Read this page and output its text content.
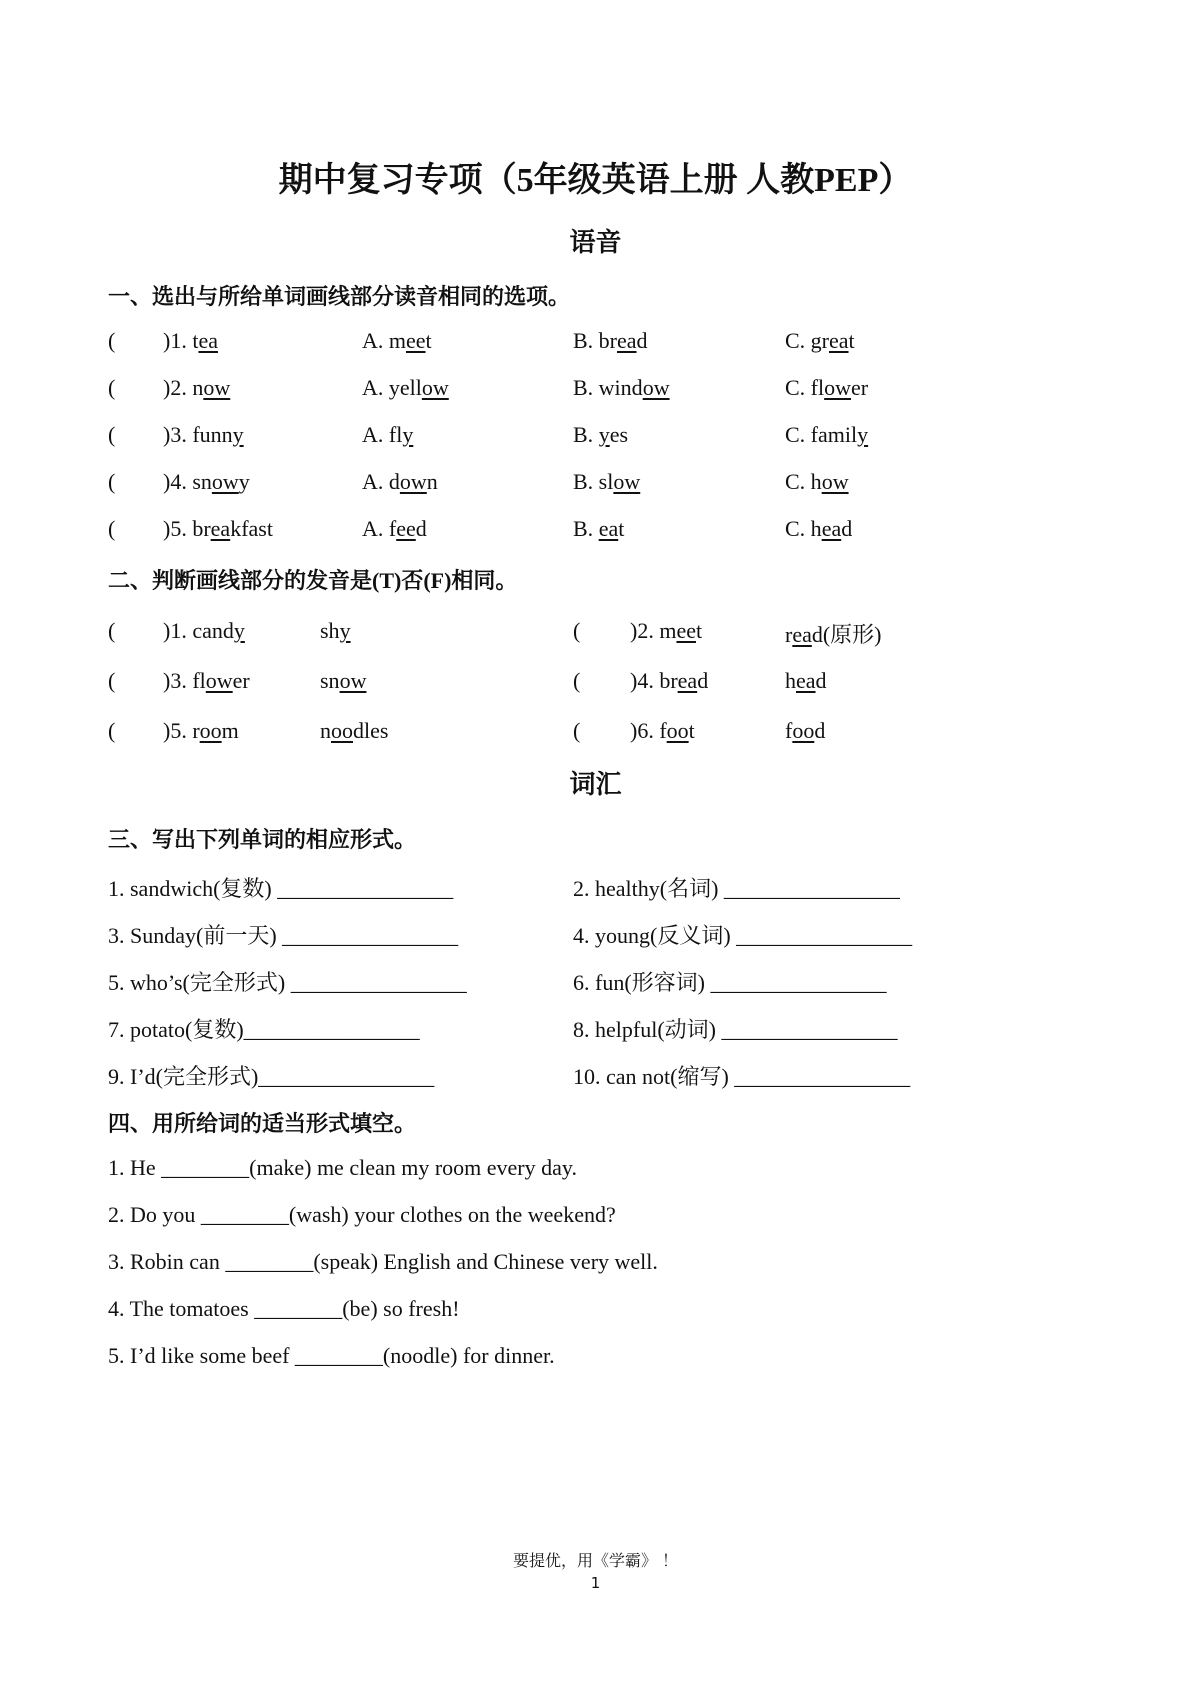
期中复习专项（5年级英语上册 人教PEP）
语音
一、选出与所给单词画线部分读音相同的选项。
( )1. tea	A. meet	B. bread	C. great
( )2. now	A. yellow	B. window	C. flower
( )3. funny	A. fly	B. yes	C. family
( )4. snowy	A. down	B. slow	C. how
( )5. breakfast	A. feed	B. eat	C. head
二、判断画线部分的发音是(T)否(F)相同。
( )1. candy	shy	( )2. meet	read(原形)
( )3. flower	snow	( )4. bread	head
( )5. room	noodles	( )6. foot	food
词汇
三、写出下列单词的相应形式。
1. sandwich(复数) ________________	2. healthy(名词) ________________
3. Sunday(前一天) ________________	4. young(反义词) ________________
5. who’s(完全形式) ________________	6. fun(形容词) ________________
7. potato(复数)________________	8. helpful(动词) ________________
9. I’d(完全形式)________________	10. can not(缩写) ________________
四、用所给词的适当形式填空。
1. He ________(make) me clean my room every day.
2. Do you ________(wash) your clothes on the weekend?
3. Robin can ________(speak) English and Chinese very well.
4. The tomatoes ________(be) so fresh!
5. I’d like some beef ________(noodle) for dinner.
要提优，用《学霸》 ！
1
